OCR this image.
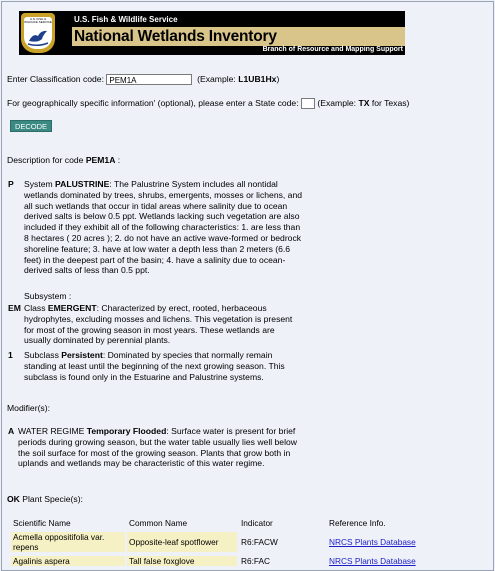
U.S. FISH & WILDLIFE SERVICE	U.S. Fish & Wildlife Service
National Wetlands Inventory
Branch of Resource and Mapping Support
Enter Classification code: PEM1A	(Example: L1UB1Hx)
For geographically specific information' (optional), please enter a State code: (Example: TX for Texas)
DECODE
Description for code PEM1A :
P System PALUSTRINE: The Palustrine System includes all nontidal wetlands dominated by trees, shrubs, emergents, mosses or lichens, and all such wetlands that occur in tidal areas where salinity due to ocean derived salts is below 0.5 ppt. Wetlands lacking such vegetation are also included if they exhibit all of the following characteristics: 1. are less than 8 hectares ( 20 acres ); 2. do not have an active wave-formed or bedrock shoreline feature; 3. have at low water a depth less than 2 meters (6.6 feet) in the deepest part of the basin; 4. have a salinity due to ocean-derived salts of less than 0.5 ppt.
Subsystem :
EM Class EMERGENT: Characterized by erect, rooted, herbaceous hydrophytes, excluding mosses and lichens. This vegetation is present for most of the growing season in most years. These wetlands are usually dominated by perennial plants.
1 Subclass Persistent: Dominated by species that normally remain standing at least until the beginning of the next growing season. This subclass is found only in the Estuarine and Palustrine systems.
Modifier(s):
A WATER REGIME Temporary Flooded: Surface water is present for brief periods during growing season, but the water table usually lies well below the soil surface for most of the growing season. Plants that grow both in uplands and wetlands may be characteristic of this water regime.
OK Plant Specie(s):
Scientific Name	Common Name	Indicator	Reference Info.
Acmella oppositifolia var. repens	Opposite-leaf spotflower	R6:FACW	NRCS Plants Database
Agalinis aspera	Tall false foxglove	R6:FAC	NRCS Plants Database
